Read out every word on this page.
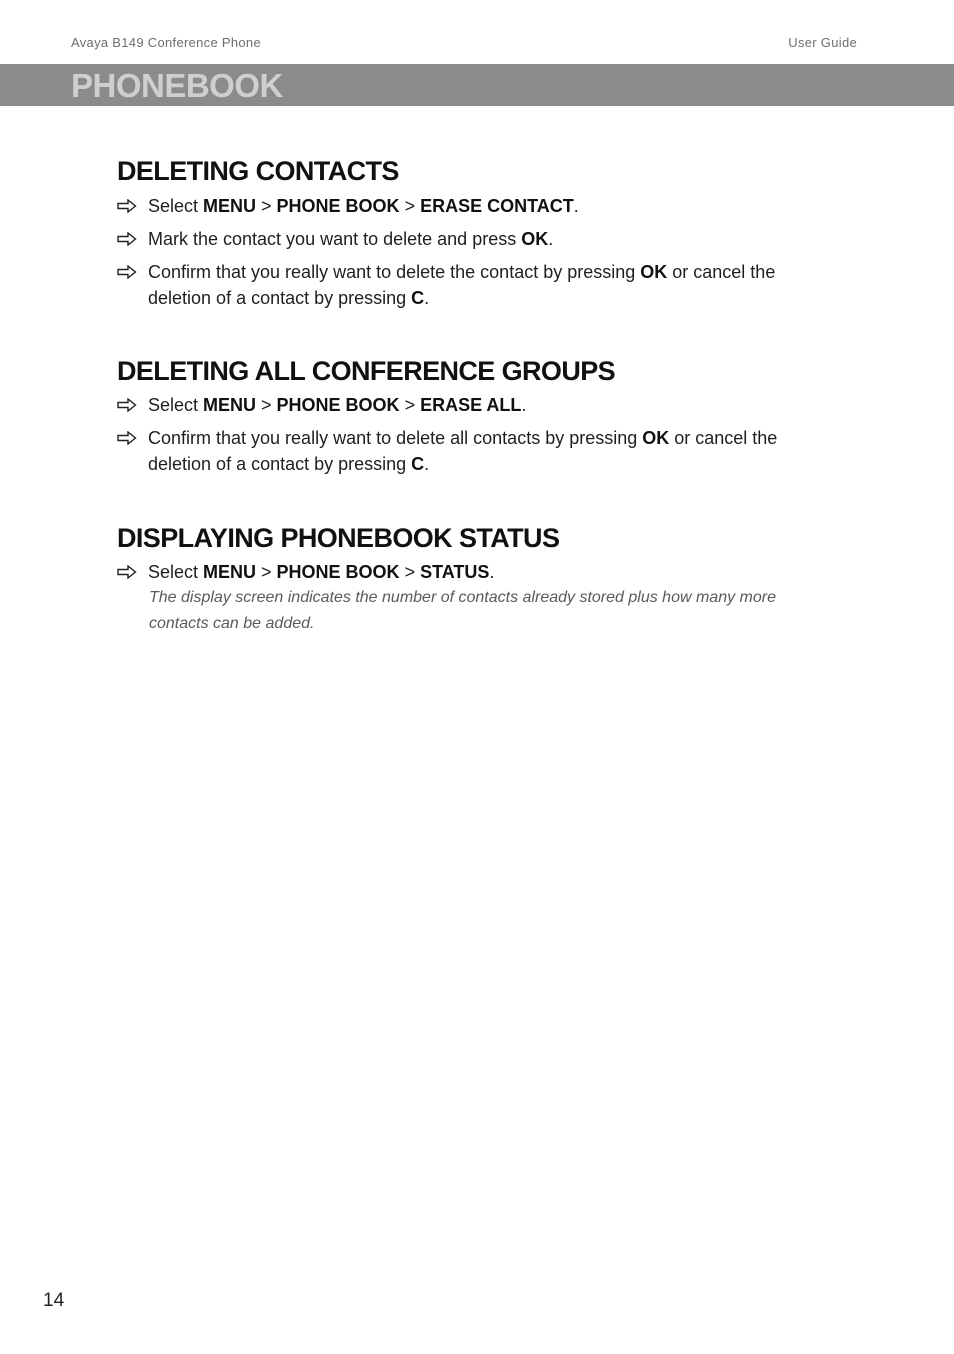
Avaya B149 Conference Phone	User Guide
PHONEBOOK
DELETING CONTACTS
Select MENU > PHONE BOOK > ERASE CONTACT.
Mark the contact you want to delete and press OK.
Confirm that you really want to delete the contact by pressing OK or cancel the deletion of a contact by pressing C.
DELETING ALL CONFERENCE GROUPS
Select MENU > PHONE BOOK > ERASE ALL.
Confirm that you really want to delete all contacts by pressing OK or cancel the deletion of a contact by pressing C.
DISPLAYING PHONEBOOK STATUS
Select MENU > PHONE BOOK > STATUS.
The display screen indicates the number of contacts already stored plus how many more contacts can be added.
14
